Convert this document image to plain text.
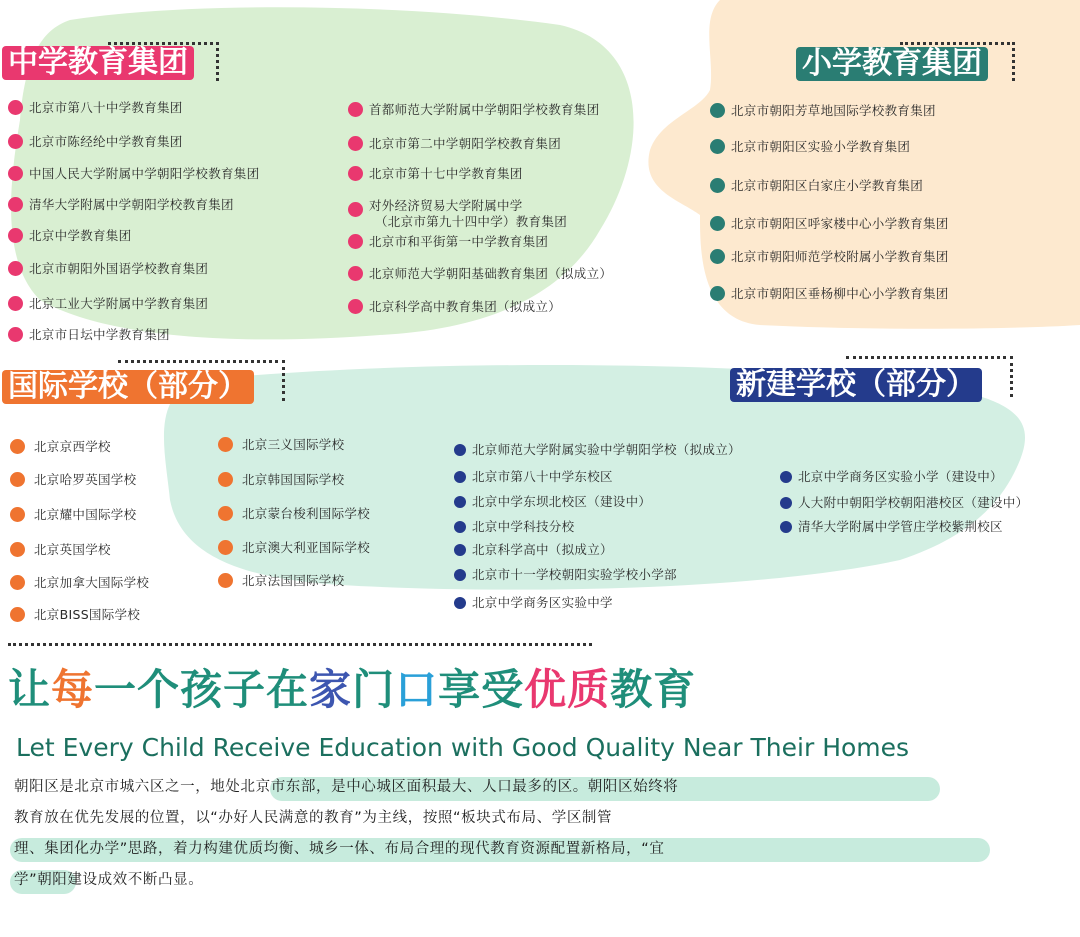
中学教育集团	小学教育集团
国际学校（部分）	新建学校（部分）
北京市第八十中学教育集团
北京市陈经纶中学教育集团
中国人民大学附属中学朝阳学校教育集团
清华大学附属中学朝阳学校教育集团
北京中学教育集团
北京市朝阳外国语学校教育集团
北京工业大学附属中学教育集团
北京市日坛中学教育集团
首都师范大学附属中学朝阳学校教育集团
北京市第二中学朝阳学校教育集团
北京市第十七中学教育集团
对外经济贸易大学附属中学
（北京市第九十四中学）教育集团
北京市和平街第一中学教育集团
北京师范大学朝阳基础教育集团（拟成立）
北京科学高中教育集团（拟成立）
北京市朝阳芳草地国际学校教育集团
北京市朝阳区实验小学教育集团
北京市朝阳区白家庄小学教育集团
北京市朝阳区呼家楼中心小学教育集团
北京市朝阳师范学校附属小学教育集团
北京市朝阳区垂杨柳中心小学教育集团
北京京西学校
北京哈罗英国学校
北京耀中国际学校
北京英国学校
北京加拿大国际学校
北京BISS国际学校
北京三义国际学校
北京韩国国际学校
北京蒙台梭利国际学校
北京澳大利亚国际学校
北京法国国际学校
北京师范大学附属实验中学朝阳学校（拟成立）
北京市第八十中学东校区
北京中学东坝北校区（建设中）
北京中学科技分校
北京科学高中（拟成立）
北京市十一学校朝阳实验学校小学部
北京中学商务区实验中学
北京中学商务区实验小学（建设中）
人大附中朝阳学校朝阳港校区（建设中）
清华大学附属中学管庄学校紫荆校区
让每一个孩子在家门口享受优质教育
Let Every Child Receive Education with Good Quality Near Their Homes
朝阳区是北京市城六区之一，地处北京市东部，是中心城区面积最大、人口最多的区。朝阳区始终将
教育放在优先发展的位置，以“办好人民满意的教育”为主线，按照“板块式布局、学区制管
理、集团化办学”思路，着力构建优质均衡、城乡一体、布局合理的现代教育资源配置新格局，“宜
学”朝阳建设成效不断凸显。
